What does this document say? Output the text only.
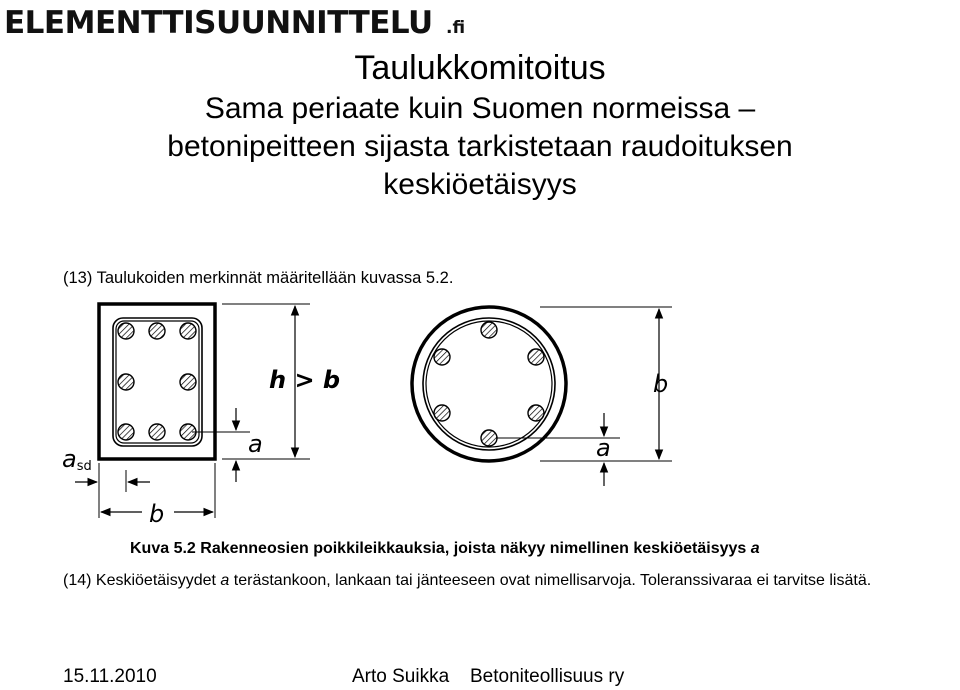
ELEMENTTISUUNNITTELU .fi
Taulukkomitoitus
Sama periaate kuin Suomen normeissa –
betonipeitteen sijasta tarkistetaan raudoituksen
keskiöetäisyys
(13) Taulukoiden merkinnät määritellään kuvassa 5.2.
h > b
a
asd
b
b
a
Kuva 5.2 Rakenneosien poikkileikkauksia, joista näkyy nimellinen keskiöetäisyys a
(14) Keskiöetäisyydet a terästankoon, lankaan tai jänteeseen ovat nimellisarvoja. Toleranssivaraa ei tarvitse lisätä.
15.11.2010	Arto Suikka Betoniteollisuus ry
